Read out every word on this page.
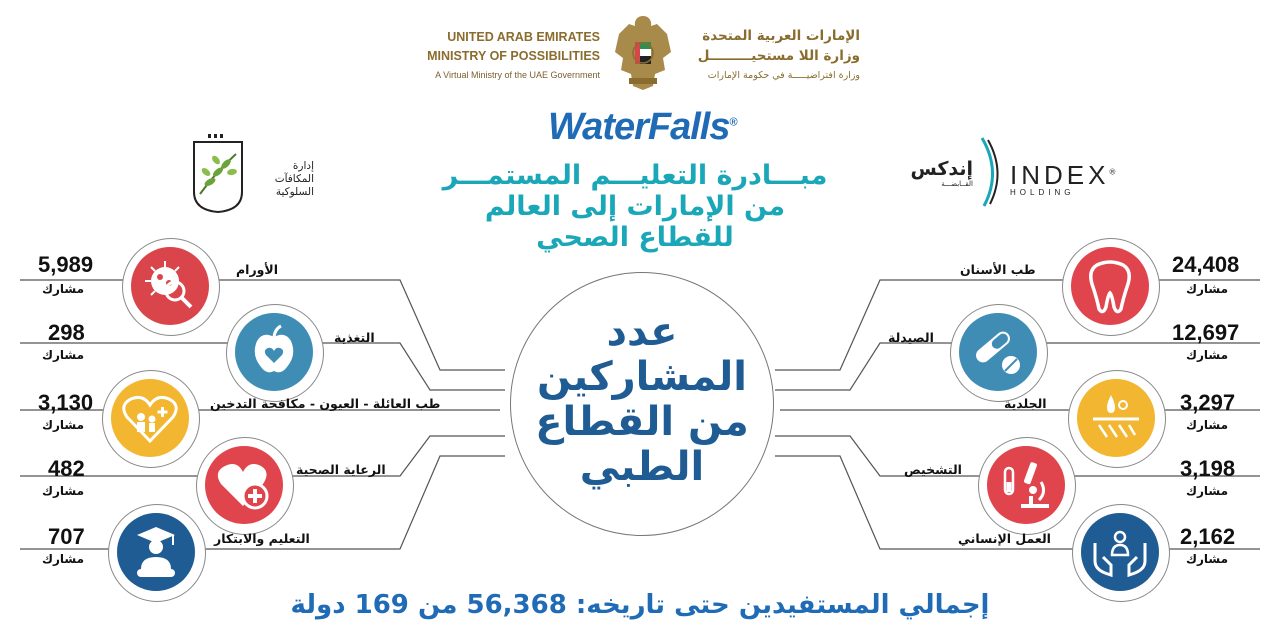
UNITED ARAB EMIRATES
MINISTRY OF POSSIBILITIES
A Virtual Ministry of the UAE Government
الإمارات العربية المتحدة
وزارة اللا مستحيـــــــــل
وزارة افتراضيـــــة في حكومة الإمارات
WaterFalls®
مبـــادرة التعليـــم المستمـــر
من الإمارات إلى العالم
للقطاع الصحي
إدارة
المكافآت
السلوكية
إندكس
القــابضـــة INDEX®
HOLDING
عدد
المشاركين
من القطاع
الطبي
5,989
مشارك
الأورام
298
مشارك
التغذية
3,130
مشارك
طب العائلة - العيون - مكافحة التدخين
482
مشارك
الرعاية الصحية
707
مشارك
التعليم والابتكار
24,408
مشارك
طب الأسنان
12,697
مشارك
الصيدلة
3,297
مشارك
الجلدية
3,198
مشارك
التشخيص
2,162
مشارك
العمل الإنساني
إجمالي المستفيدين حتى تاريخه: 56,368 من 169 دولة
